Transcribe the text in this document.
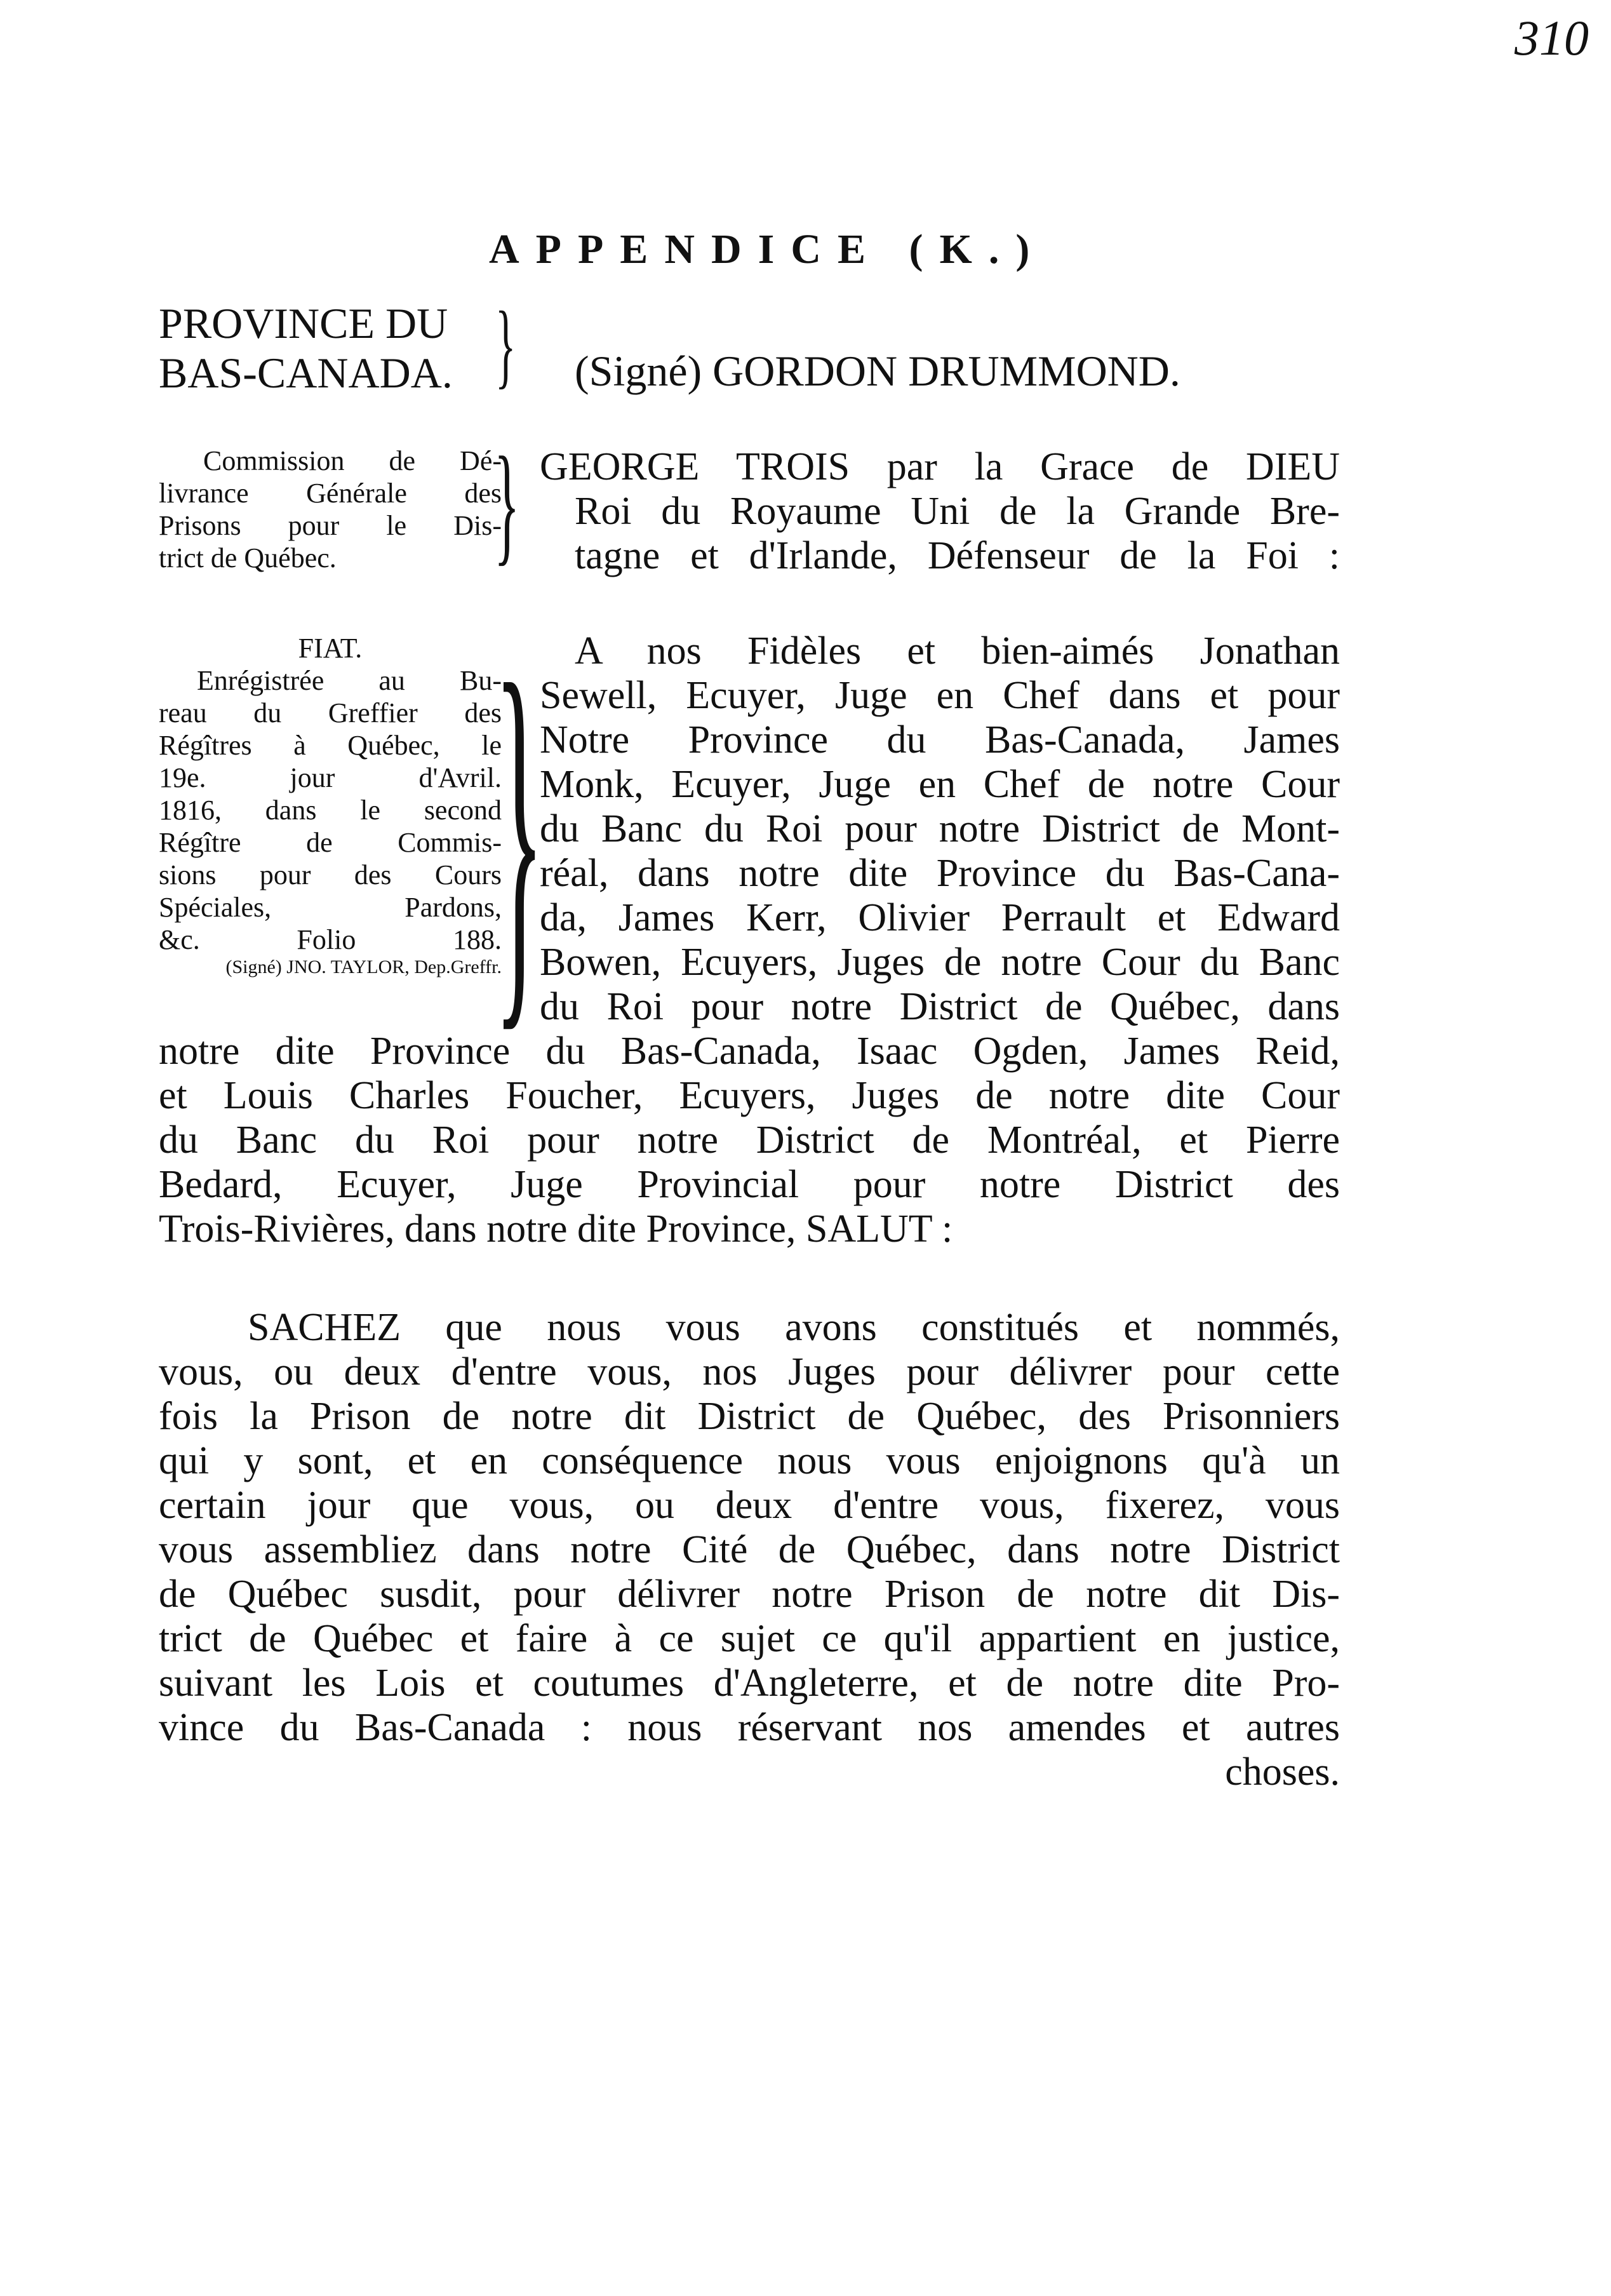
310
APPENDICE (K.)
PROVINCE DU
BAS-CANADA. } (Signé) GORDON DRUMMOND.
Commission de Dé-
livrance Générale des
Prisons pour le Dis-
trict de Québec.	} GEORGE TROIS par la Grace de DIEU
Roi du Royaume Uni de la Grande Bre-
tagne et d'Irlande, Défenseur de la Foi :
FIAT.
Enrégistrée au Bu-
reau du Greffier des
Régîtres à Québec, le
19e. jour d'Avril.
1816, dans le second
Régître de Commis-
sions pour des Cours
Spéciales, Pardons,
&c. Folio 188.
(Signé) JNO. TAYLOR, Dep.Greffr.
} A nos Fidèles et bien-aimés Jonathan
Sewell, Ecuyer, Juge en Chef dans et pour
Notre Province du Bas-Canada, James
Monk, Ecuyer, Juge en Chef de notre Cour
du Banc du Roi pour notre District de Mont-
réal, dans notre dite Province du Bas-Cana-
da, James Kerr, Olivier Perrault et Edward
Bowen, Ecuyers, Juges de notre Cour du Banc
du Roi pour notre District de Québec, dans
notre dite Province du Bas-Canada, Isaac Ogden, James Reid,
et Louis Charles Foucher, Ecuyers, Juges de notre dite Cour
du Banc du Roi pour notre District de Montréal, et Pierre
Bedard, Ecuyer, Juge Provincial pour notre District des
Trois-Rivières, dans notre dite Province, SALUT :
SACHEZ que nous vous avons constitués et nommés,
vous, ou deux d'entre vous, nos Juges pour délivrer pour cette
fois la Prison de notre dit District de Québec, des Prisonniers
qui y sont, et en conséquence nous vous enjoignons qu'à un
certain jour que vous, ou deux d'entre vous, fixerez, vous
vous assembliez dans notre Cité de Québec, dans notre District
de Québec susdit, pour délivrer notre Prison de notre dit Dis-
trict de Québec et faire à ce sujet ce qu'il appartient en justice,
suivant les Lois et coutumes d'Angleterre, et de notre dite Pro-
vince du Bas-Canada : nous réservant nos amendes et autres
choses.
